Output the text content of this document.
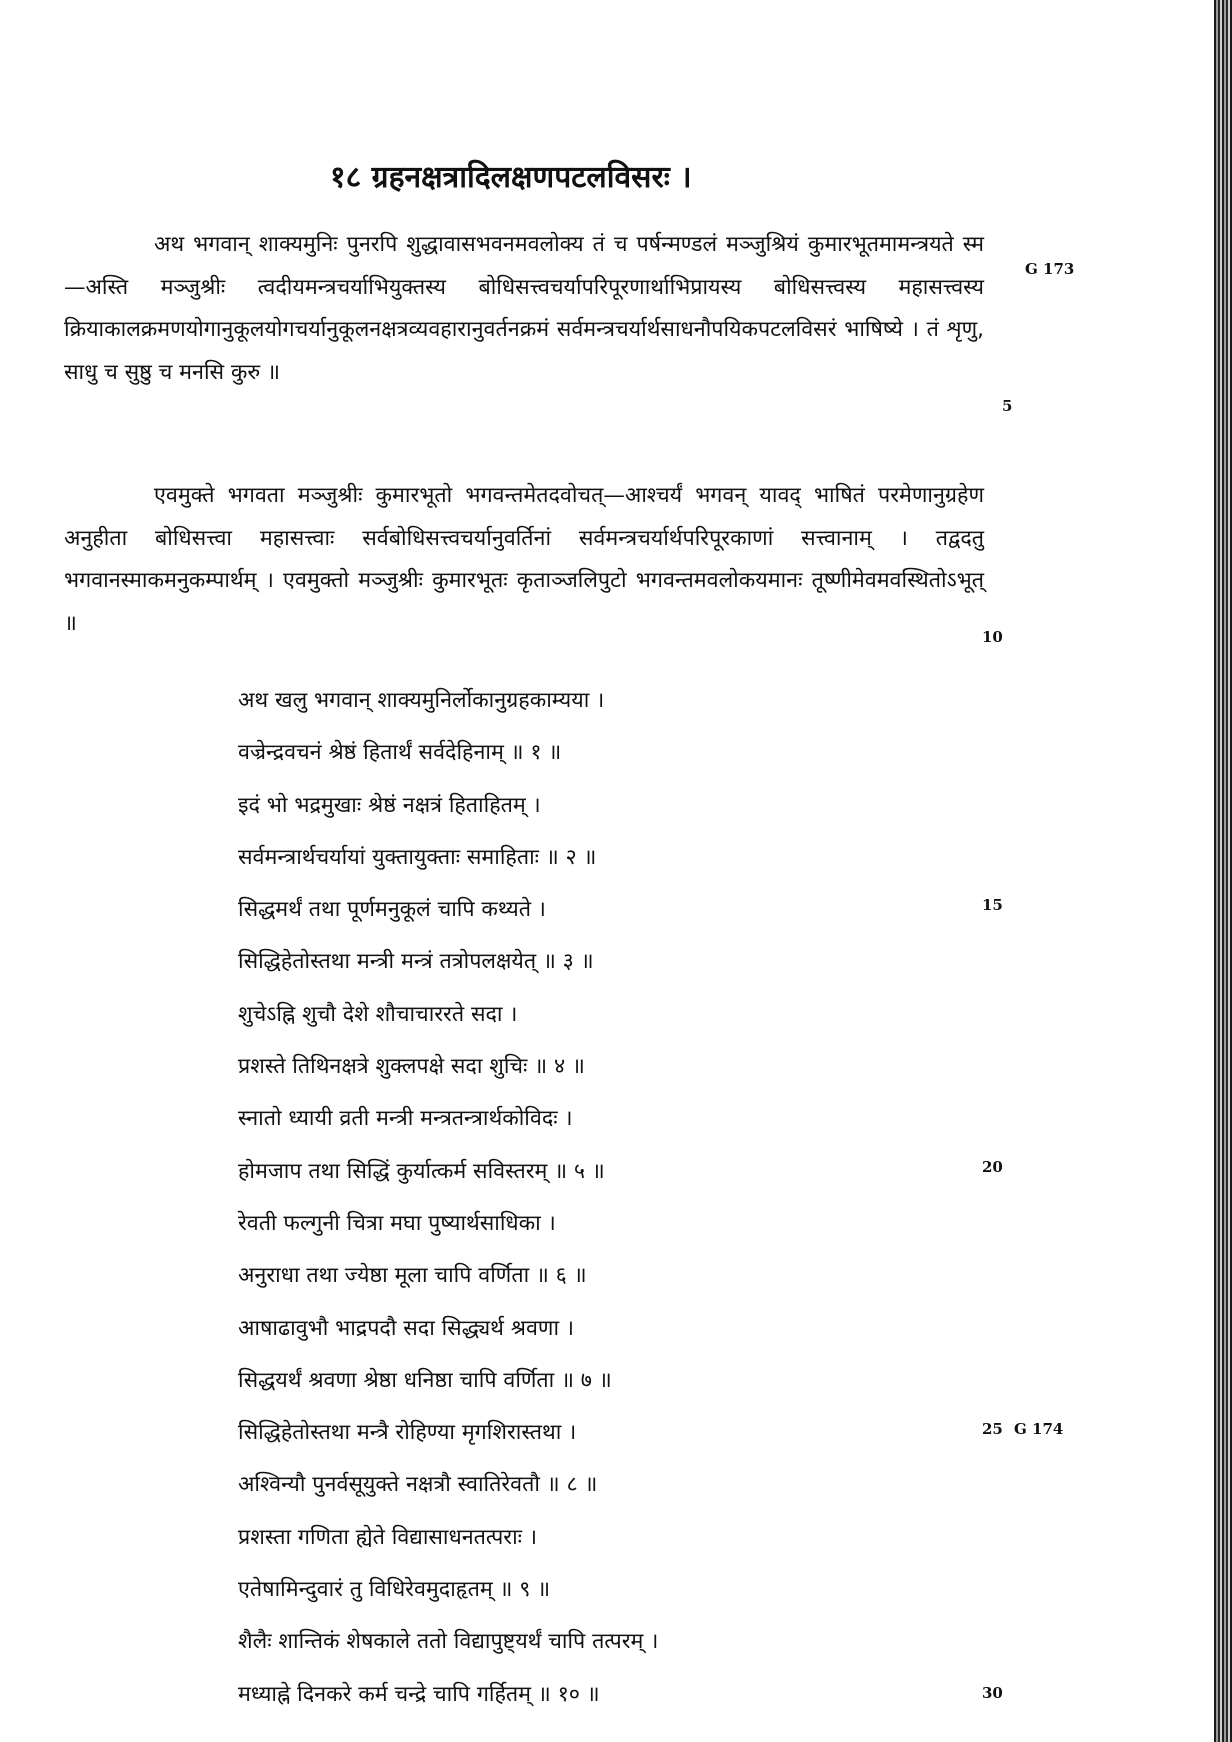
१८ ग्रहनक्षत्रादिलक्षणपटलविसरः ।
अथ भगवान् शाक्यमुनिः पुनरपि शुद्धावासभवनमवलोक्य तं च पर्षन्मण्डलं मञ्जुश्रियं कुमारभूतमामन्त्रयते स्म—अस्ति मञ्जुश्रीः त्वदीयमन्त्रचर्याभियुक्तस्य बोधिसत्त्वचर्यापरिपूरणार्थाभिप्रायस्य बोधिसत्त्वस्य महासत्त्वस्य क्रियाकालक्रमणयोगानुकूलयोगचर्यानुकूलनक्षत्रव्यवहारानुवर्तनक्रमं सर्वमन्त्रचर्यार्थसाधनौपयिकपटलविसरं भाषिष्ये । तं शृणु, साधु च सुष्ठु च मनसि कुरु ॥
एवमुक्ते भगवता मञ्जुश्रीः कुमारभूतो भगवन्तमेतदवोचत्—आश्चर्यं भगवन् यावद् भाषितं परमेणानुग्रहेण अनुहीता बोधिसत्त्वा महासत्त्वाः सर्वबोधिसत्त्वचर्यानुवर्तिनां सर्वमन्त्रचर्यार्थपरिपूरकाणां सत्त्वानाम् । तद्वदतु भगवानस्माकमनुकम्पार्थम् । एवमुक्तो मञ्जुश्रीः कुमारभूतः कृताञ्जलिपुटो भगवन्तमवलोकयमानः तूष्णीमेवमवस्थितोऽभूत् ॥
अथ खलु भगवान् शाक्यमुनिर्लोकानुग्रहकाम्यया ।
वज्रेन्द्रवचनं श्रेष्ठं हितार्थं सर्वदेहिनाम् ॥ १ ॥
इदं भो भद्रमुखाः श्रेष्ठं नक्षत्रं हिताहितम् ।
सर्वमन्त्रार्थचर्यायां युक्तायुक्ताः समाहिताः ॥ २ ॥
सिद्धमर्थं तथा पूर्णमनुकूलं चापि कथ्यते ।
सिद्धिहेतोस्तथा मन्त्री मन्त्रं तत्रोपलक्षयेत् ॥ ३ ॥
शुचेऽह्नि शुचौ देशे शौचाचाररते सदा ।
प्रशस्ते तिथिनक्षत्रे शुक्लपक्षे सदा शुचिः ॥ ४ ॥
स्नातो ध्यायी व्रती मन्त्री मन्त्रतन्त्रार्थकोविदः ।
होमजाप तथा सिद्धिं कुर्यात्कर्म सविस्तरम् ॥ ५ ॥
रेवती फल्गुनी चित्रा मघा पुष्यार्थसाधिका ।
अनुराधा तथा ज्येष्ठा मूला चापि वर्णिता ॥ ६ ॥
आषाढावुभौ भाद्रपदौ सदा सिद्ध्यर्थ श्रवणा ।
सिद्धयर्थं श्रवणा श्रेष्ठा धनिष्ठा चापि वर्णिता ॥ ७ ॥
सिद्धिहेतोस्तथा मन्त्रै रोहिण्या मृगशिरास्तथा ।
अश्विन्यौ पुनर्वसूयुक्ते नक्षत्रौ स्वातिरेवतौ ॥ ८ ॥
प्रशस्ता गणिता ह्येते विद्यासाधनतत्पराः ।
एतेषामिन्दुवारं तु विधिरेवमुदाहृतम् ॥ ९ ॥
शैलैः शान्तिकं शेषकाले ततो विद्यापुष्ट्यर्थं चापि तत्परम् ।
मध्याह्ने दिनकरे कर्म चन्द्रे चापि गर्हितम् ॥ १० ॥
5
10
15
20
25
30
G 173
G 174
